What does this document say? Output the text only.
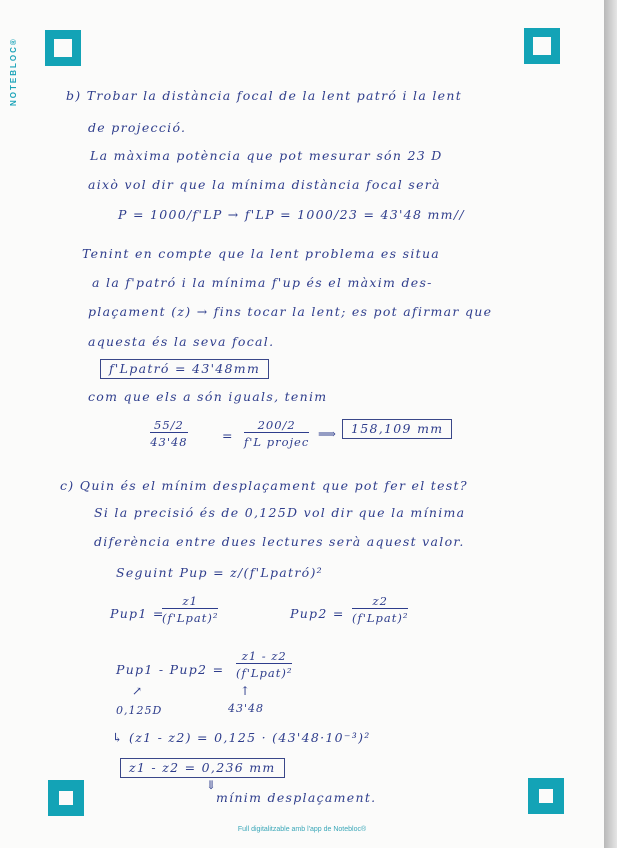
NOTEBLOC®	b) Trobar la distància focal de la lent patró i la lent
de projecció.
La màxima potència que pot mesurar són 23 D
això vol dir que la mínima distància focal serà
P = 1000/f'LP → f'LP = 1000/23 = 43'48 mm//
Tenint en compte que la lent problema es situa
a la f'patró i la mínima f'up és el màxim des-
plaçament (z) → fins tocar la lent; es pot afirmar que
aquesta és la seva focal.
f'Lpatró = 43'48mm
com que els a són iguals, tenim
$\frac{55/2}{43'48}$	=
200/2
f'L projec
⟹	158,109 mm
c) Quin és el mínim desplaçament que pot fer el test?
Si la precisió és de 0,125D vol dir que la mínima
diferència entre dues lectures serà aquest valor.
Seguint Pup = z/(f'Lpatró)²
Pup1 =
z1
(f'Lpat)²	Pup2 =
z2
(f'Lpat)²
Pup1 - Pup2 =
z1 - z2
(f'Lpat)²
↗	↑
0,125D	43'48
↳ (z1 - z2) = 0,125 · (43'48·10⁻³)²
z1 - z2 = 0,236 mm
⇓
mínim desplaçament.
Full digitalitzable amb l'app de Notebloc®
